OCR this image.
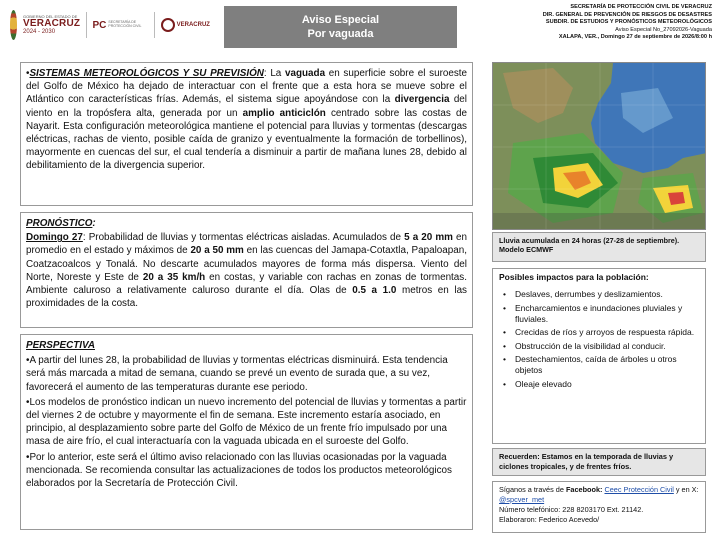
GOBIERNO DEL ESTADO DE
VERACRUZ
2024 - 2030
PC SECRETARÍA DE PROTECCIÓN CIVIL	VERACRUZ	Aviso Especial
Por vaguada
SECRETARÍA DE PROTECCIÓN CIVIL DE VERACRUZ
DIR. GENERAL DE PREVENCIÓN DE RIESGOS DE DESASTRES
SUBDIR. DE ESTUDIOS Y PRONÓSTICOS METEOROLÓGICOS
Aviso Especial No_27092026-Vaguada
XALAPA, VER., Domingo 27 de septiembre de 2026/8:00 h

•SISTEMAS METEOROLÓGICOS Y SU PREVISIÓN: La vaguada en superficie sobre el suroeste del Golfo de México ha dejado de interactuar con el frente que a esta hora se mueve sobre el Atlántico con características frías. Además, el sistema sigue apoyándose con la divergencia del viento en la tropósfera alta, generada por un amplio anticiclón centrado sobre las costas de Nayarit. Esta configuración meteorológica mantiene el potencial para lluvias y tormentas (descargas eléctricas, rachas de viento, posible caída de granizo y eventualmente la formación de torbellinos), mayormente en cuencas del sur, el cual tendería a disminuir a partir de mañana lunes 28, debido al debilitamiento de la divergencia superior.

PRONÓSTICO:

Domingo 27: Probabilidad de lluvias y tormentas eléctricas aisladas. Acumulados de 5 a 20 mm en promedio en el estado y máximos de 20 a 50 mm en las cuencas del Jamapa-Cotaxtla, Papaloapan, Coatzacoalcos y Tonalá. No descarte acumulados mayores de forma más dispersa. Viento del Norte, Noreste y Este de 20 a 35 km/h en costas, y variable con rachas en zonas de tormentas. Ambiente caluroso a relativamente caluroso durante el día. Olas de 0.5 a 1.0 metros en las proximidades de la costa.

PERSPECTIVA

•A partir del lunes 28, la probabilidad de lluvias y tormentas eléctricas disminuirá. Esta tendencia será más marcada a mitad de semana, cuando se prevé un evento de surada que, a su vez, favorecerá el aumento de las temperaturas durante ese periodo.

•Los modelos de pronóstico indican un nuevo incremento del potencial de lluvias y tormentas a partir del viernes 2 de octubre y mayormente el fin de semana. Este incremento estaría asociado, en principio, al desplazamiento sobre parte del Golfo de México de un frente frío impulsado por una masa de aire frío, el cual interactuaría con la vaguada ubicada en el suroeste del Golfo.

•Por lo anterior, este será el último aviso relacionado con las lluvias ocasionadas por la vaguada mencionada. Se recomienda consultar las actualizaciones de todos los productos meteorológicos elaborados por la Secretaría de Protección Civil.

Lluvia acumulada en 24 horas (27-28 de septiembre). Modelo ECMWF
Posibles impactos para la población:
• Deslaves, derrumbes y deslizamientos.
• Encharcamientos e inundaciones pluviales y fluviales.
• Crecidas de ríos y arroyos de respuesta rápida.
• Obstrucción de la visibilidad al conducir.
• Destechamientos, caída de árboles u otros objetos
• Oleaje elevado
Recuerden: Estamos en la temporada de lluvias y ciclones tropicales, y de frentes fríos.
Síganos a través de Facebook: Ceec Protección Civil y en X: @spcver_met
Número telefónico: 228 8203170 Ext. 21142.
Elaboraron: Federico Acevedo/
